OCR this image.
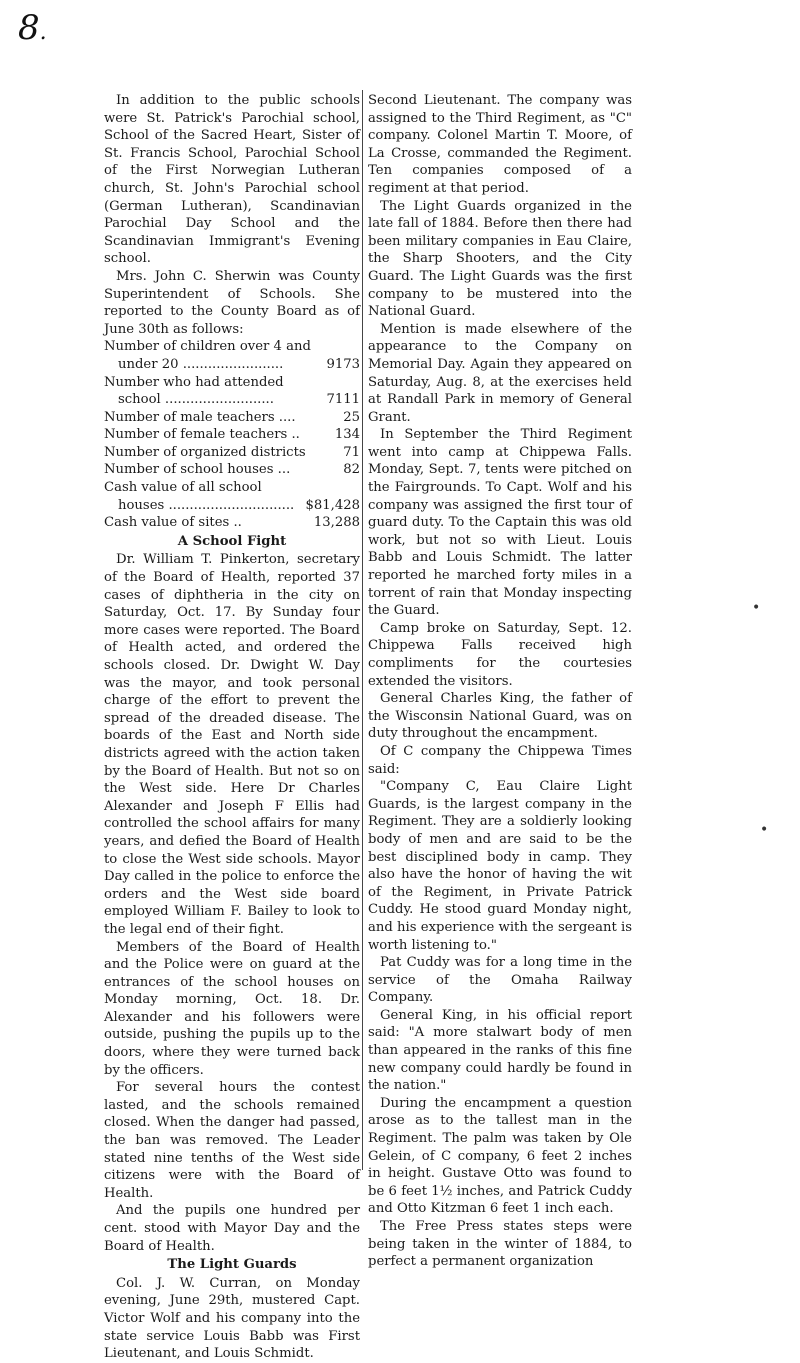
8 .

In addition to the public schools were St. Patrick's Parochial school, School of the Sacred Heart, Sister of St. Francis School, Parochial School of the First Norwegian Lutheran church, St. John's Parochial school (German Lutheran), Scandinavian Parochial Day School and the Scandinavian Immigrant's Evening school.

Mrs. John C. Sherwin was County Superintendent of Schools. She reported to the County Board as of June 30th as follows:

Number of children over 4 and
under 20 ........................	9173
Number who had attended
school ..........................	7111
Number of male teachers ....	25
Number of female teachers ..	134
Number of organized districts	71
Number of school houses ...	82
Cash value of all school
houses .............................. $81,428
Cash value of sites ..	13,288
A School Fight

Dr. William T. Pinkerton, secretary of the Board of Health, reported 37 cases of diphtheria in the city on Saturday, Oct. 17. By Sunday four more cases were reported. The Board of Health acted, and ordered the schools closed. Dr. Dwight W. Day was the mayor, and took personal charge of the effort to prevent the spread of the dreaded disease. The boards of the East and North side districts agreed with the action taken by the Board of Health. But not so on the West side. Here Dr Charles Alexander and Joseph F Ellis had controlled the school affairs for many years, and defied the Board of Health to close the West side schools. Mayor Day called in the police to enforce the orders and the West side board employed William F. Bailey to look to the legal end of their fight.

Members of the Board of Health and the Police were on guard at the entrances of the school houses on Monday morning, Oct. 18. Dr. Alexander and his followers were outside, pushing the pupils up to the doors, where they were turned back by the officers.

For several hours the contest lasted, and the schools remained closed. When the danger had passed, the ban was removed. The Leader stated nine tenths of the West side citizens were with the Board of Health.

And the pupils one hundred per cent. stood with Mayor Day and the Board of Health.

The Light Guards

Col. J. W. Curran, on Monday evening, June 29th, mustered Capt. Victor Wolf and his company into the state service Louis Babb was First Lieutenant, and Louis Schmidt.

Second Lieutenant. The company was assigned to the Third Regiment, as "C" company. Colonel Martin T. Moore, of La Crosse, commanded the Regiment. Ten companies composed of a regiment at that period.

The Light Guards organized in the late fall of 1884. Before then there had been military companies in Eau Claire, the Sharp Shooters, and the City Guard. The Light Guards was the first company to be mustered into the National Guard.

Mention is made elsewhere of the appearance to the Company on Memorial Day. Again they appeared on Saturday, Aug. 8, at the exercises held at Randall Park in memory of General Grant.

In September the Third Regiment went into camp at Chippewa Falls. Monday, Sept. 7, tents were pitched on the Fairgrounds. To Capt. Wolf and his company was assigned the first tour of guard duty. To the Captain this was old work, but not so with Lieut. Louis Babb and Louis Schmidt. The latter reported he marched forty miles in a torrent of rain that Monday inspecting the Guard.

Camp broke on Saturday, Sept. 12. Chippewa Falls received high compliments for the courtesies extended the visitors.

General Charles King, the father of the Wisconsin National Guard, was on duty throughout the encampment.

Of C company the Chippewa Times said:

"Company C, Eau Claire Light Guards, is the largest company in the Regiment. They are a soldierly looking body of men and are said to be the best disciplined body in camp. They also have the honor of having the wit of the Regiment, in Private Patrick Cuddy. He stood guard Monday night, and his experience with the sergeant is worth listening to."

Pat Cuddy was for a long time in the service of the Omaha Railway Company.

General King, in his official report said: "A more stalwart body of men than appeared in the ranks of this fine new company could hardly be found in the nation."

During the encampment a question arose as to the tallest man in the Regiment. The palm was taken by Ole Gelein, of C company, 6 feet 2 inches in height. Gustave Otto was found to be 6 feet 1½ inches, and Patrick Cuddy and Otto Kitzman 6 feet 1 inch each.

The Free Press states steps were being taken in the winter of 1884, to perfect a permanent organization

•
•
